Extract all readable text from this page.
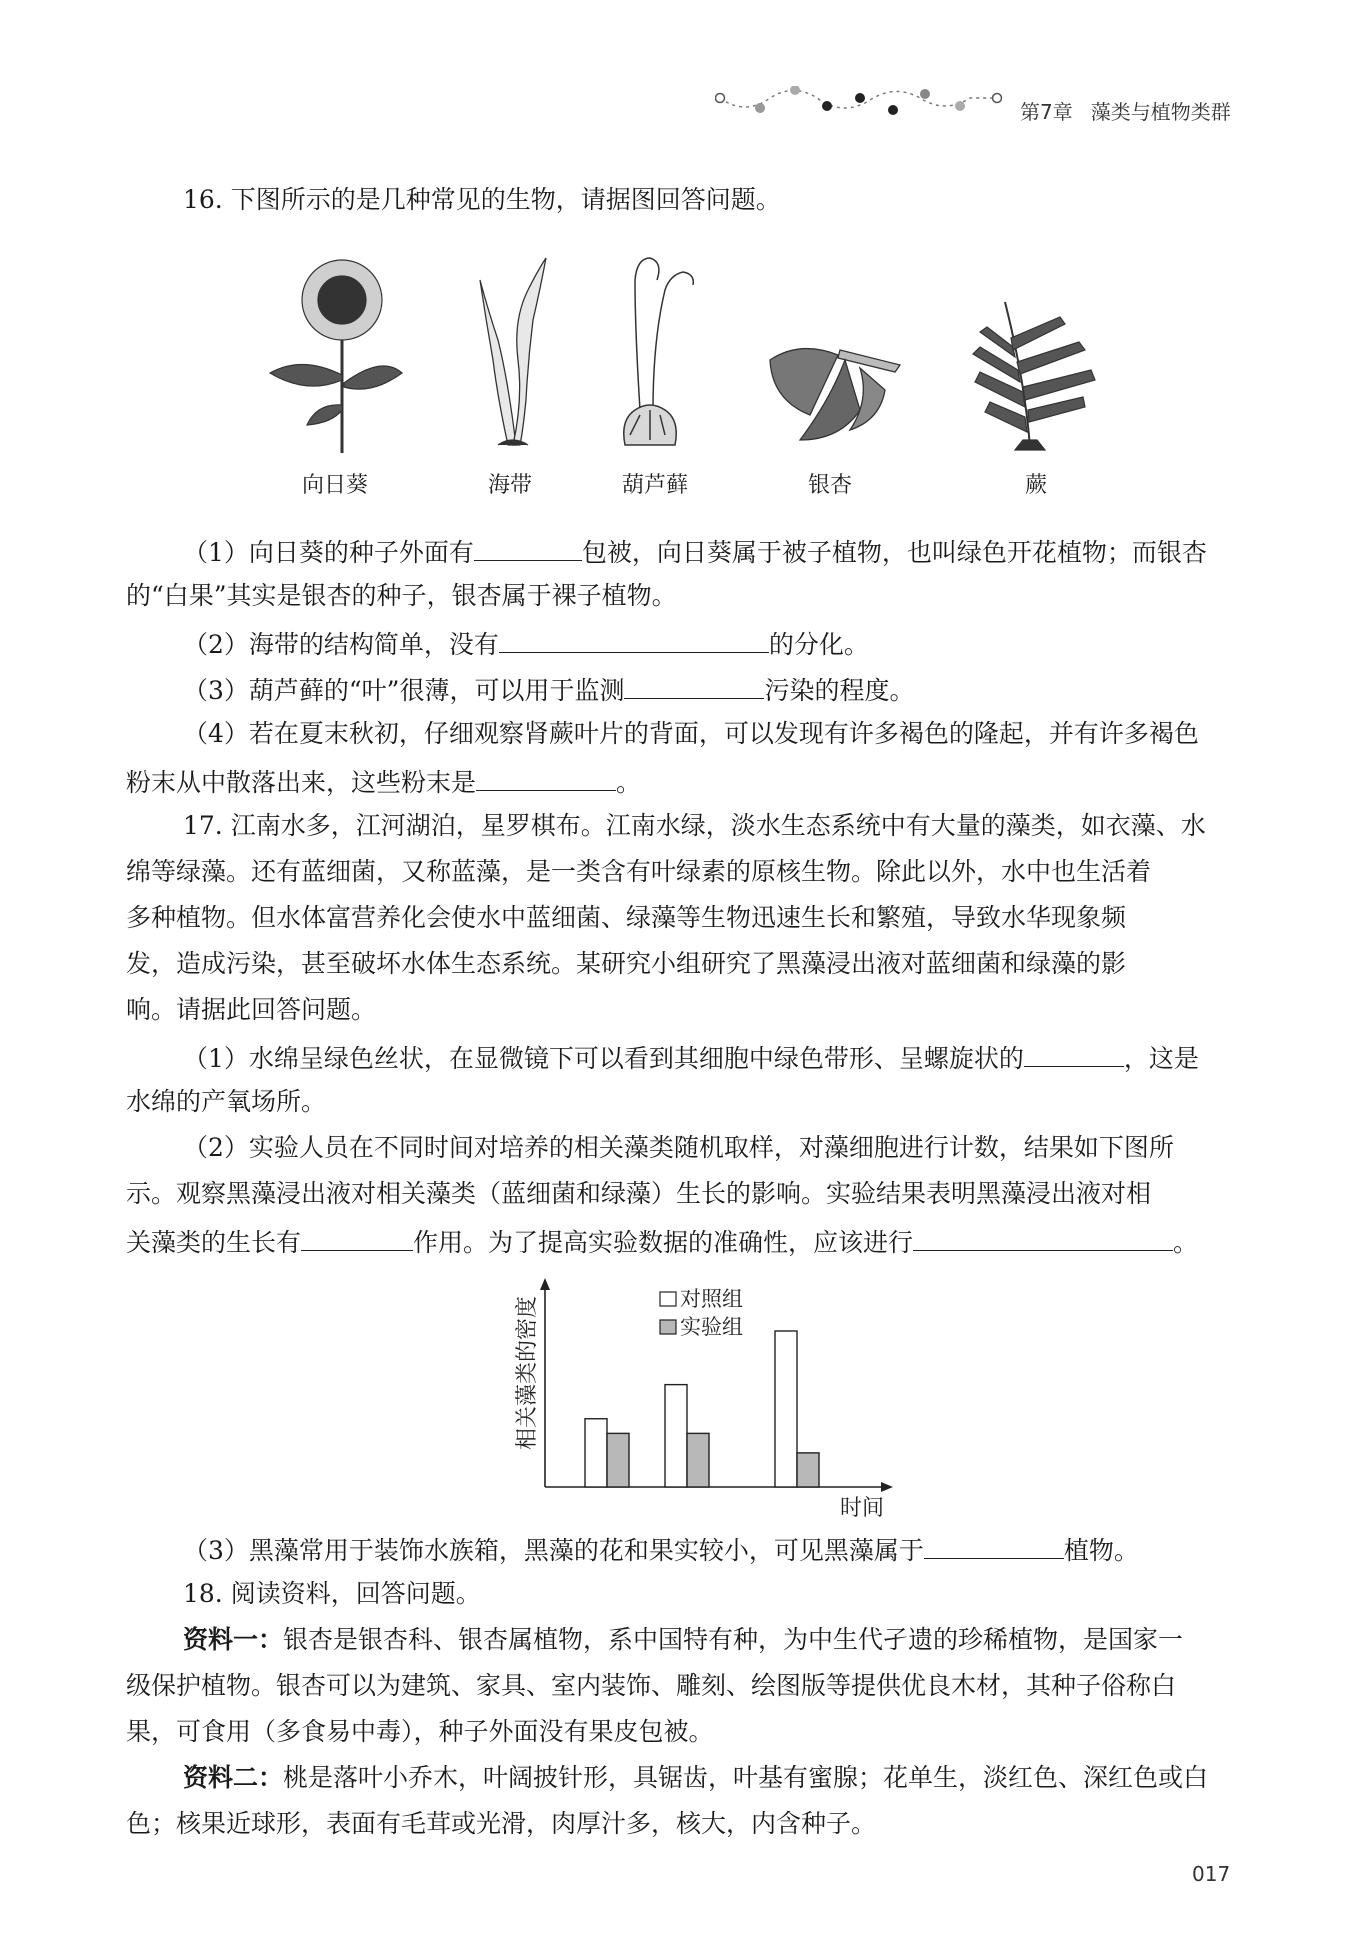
第7章 藻类与植物类群
16. 下图所示的是几种常见的生物，请据图回答问题。
向日葵	海带	葫芦藓	银杏	蕨
（1）向日葵的种子外面有	包被，向日葵属于被子植物，也叫绿色开花植物；而银杏
的“白果”其实是银杏的种子，银杏属于裸子植物。
（2）海带的结构简单，没有	的分化。
（3）葫芦藓的“叶”很薄，可以用于监测	污染的程度。
（4）若在夏末秋初，仔细观察肾蕨叶片的背面，可以发现有许多褐色的隆起，并有许多褐色
粉末从中散落出来，这些粉末是	。
17. 江南水多，江河湖泊，星罗棋布。江南水绿，淡水生态系统中有大量的藻类，如衣藻、水
绵等绿藻。还有蓝细菌，又称蓝藻，是一类含有叶绿素的原核生物。除此以外，水中也生活着
多种植物。但水体富营养化会使水中蓝细菌、绿藻等生物迅速生长和繁殖，导致水华现象频
发，造成污染，甚至破坏水体生态系统。某研究小组研究了黑藻浸出液对蓝细菌和绿藻的影
响。请据此回答问题。
（1）水绵呈绿色丝状，在显微镜下可以看到其细胞中绿色带形、呈螺旋状的	，这是
水绵的产氧场所。
（2）实验人员在不同时间对培养的相关藻类随机取样，对藻细胞进行计数，结果如下图所
示。观察黑藻浸出液对相关藻类（蓝细菌和绿藻）生长的影响。实验结果表明黑藻浸出液对相
关藻类的生长有	作用。为了提高实验数据的准确性，应该进行	。
对照组
实验组
时间
相关藻类的密度
（3）黑藻常用于装饰水族箱，黑藻的花和果实较小，可见黑藻属于	植物。
18. 阅读资料，回答问题。
资料一：银杏是银杏科、银杏属植物，系中国特有种，为中生代孑遗的珍稀植物，是国家一
级保护植物。银杏可以为建筑、家具、室内装饰、雕刻、绘图版等提供优良木材，其种子俗称白
果，可食用（多食易中毒），种子外面没有果皮包被。
资料二：桃是落叶小乔木，叶阔披针形，具锯齿，叶基有蜜腺；花单生，淡红色、深红色或白
色；核果近球形，表面有毛茸或光滑，肉厚汁多，核大，内含种子。
017
